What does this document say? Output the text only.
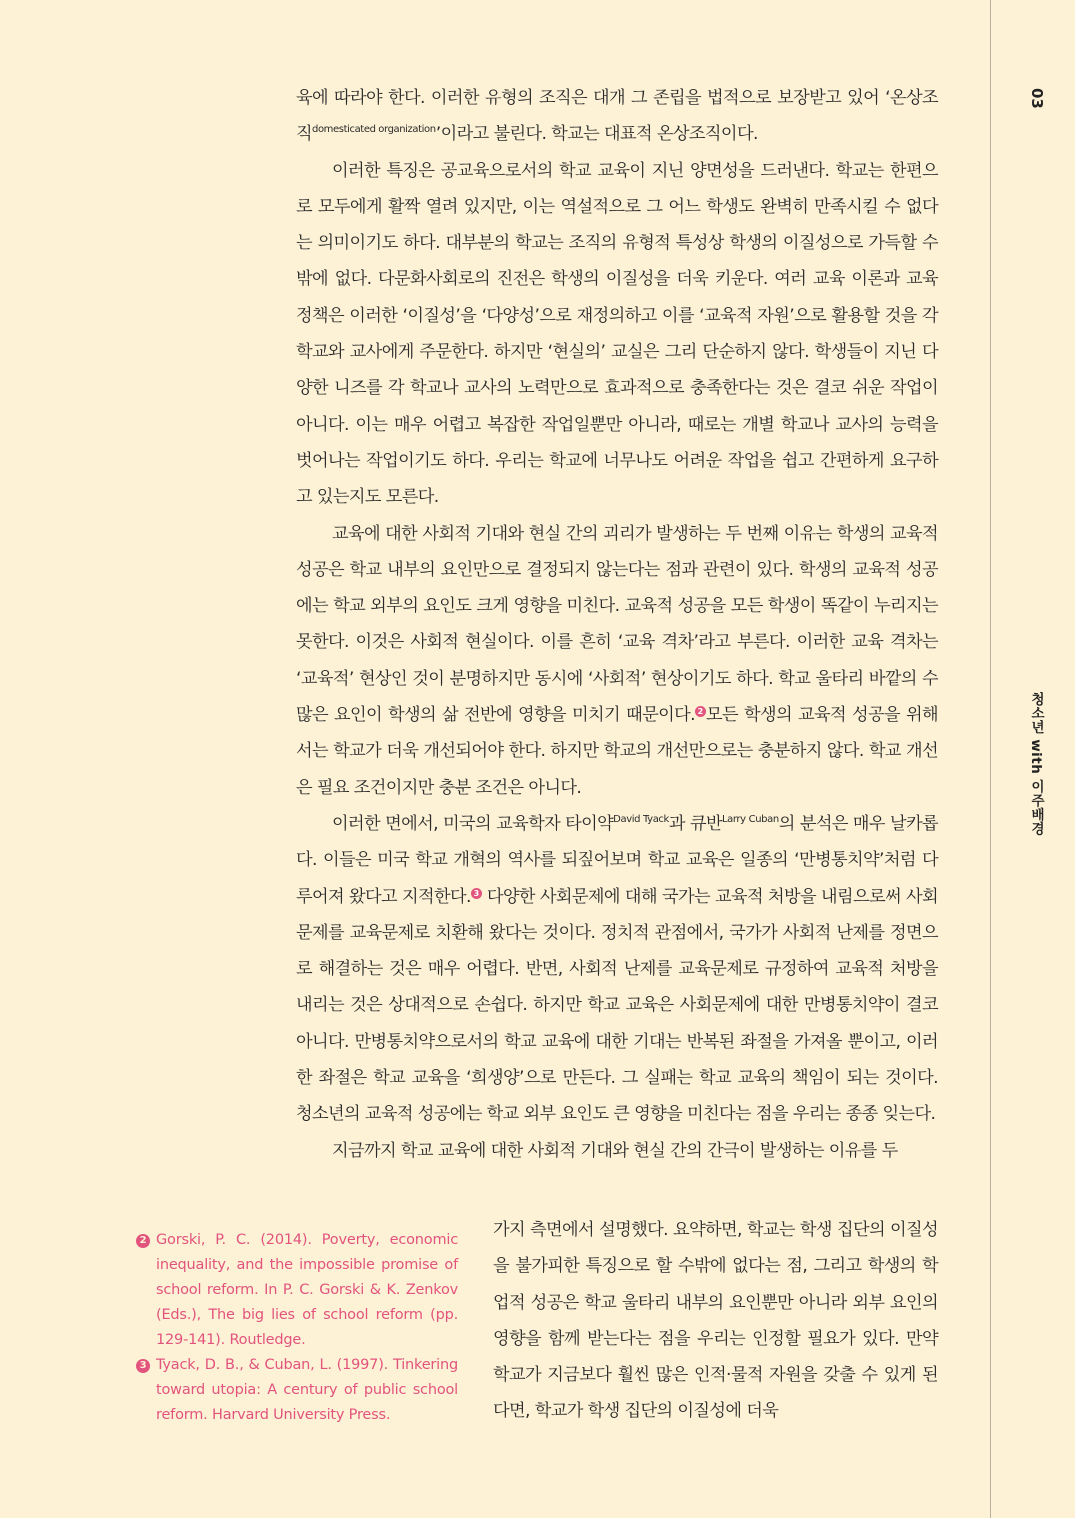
03
청소년 with 이주배경

육에 따라야 한다. 이러한 유형의 조직은 대개 그 존립을 법적으로 보장받고 있어 ‘온상조직$^{domesticated organization}$’이라고 불린다. 학교는 대표적 온상조직이다.

이러한 특징은 공교육으로서의 학교 교육이 지닌 양면성을 드러낸다. 학교는 한편으로 모두에게 활짝 열려 있지만, 이는 역설적으로 그 어느 학생도 완벽히 만족시킬 수 없다는 의미이기도 하다. 대부분의 학교는 조직의 유형적 특성상 학생의 이질성으로 가득할 수밖에 없다. 다문화사회로의 진전은 학생의 이질성을 더욱 키운다. 여러 교육 이론과 교육 정책은 이러한 ‘이질성’을 ‘다양성’으로 재정의하고 이를 ‘교육적 자원’으로 활용할 것을 각 학교와 교사에게 주문한다. 하지만 ‘현실의’ 교실은 그리 단순하지 않다. 학생들이 지닌 다양한 니즈를 각 학교나 교사의 노력만으로 효과적으로 충족한다는 것은 결코 쉬운 작업이 아니다. 이는 매우 어렵고 복잡한 작업일뿐만 아니라, 때로는 개별 학교나 교사의 능력을 벗어나는 작업이기도 하다. 우리는 학교에 너무나도 어려운 작업을 쉽고 간편하게 요구하고 있는지도 모른다.

교육에 대한 사회적 기대와 현실 간의 괴리가 발생하는 두 번째 이유는 학생의 교육적 성공은 학교 내부의 요인만으로 결정되지 않는다는 점과 관련이 있다. 학생의 교육적 성공에는 학교 외부의 요인도 크게 영향을 미친다. 교육적 성공을 모든 학생이 똑같이 누리지는 못한다. 이것은 사회적 현실이다. 이를 흔히 ‘교육 격차’라고 부른다. 이러한 교육 격차는 ‘교육적’ 현상인 것이 분명하지만 동시에 ‘사회적’ 현상이기도 하다. 학교 울타리 바깥의 수많은 요인이 학생의 삶 전반에 영향을 미치기 때문이다. 2 모든 학생의 교육적 성공을 위해서는 학교가 더욱 개선되어야 한다. 하지만 학교의 개선만으로는 충분하지 않다. 학교 개선은 필요 조건이지만 충분 조건은 아니다.

이러한 면에서, 미국의 교육학자 타이약$^{David Tyack}$과 큐반$^{Larry Cuban}$의 분석은 매우 날카롭다. 이들은 미국 학교 개혁의 역사를 되짚어보며 학교 교육은 일종의 ‘만병통치약’처럼 다루어져 왔다고 지적한다. 3 다양한 사회문제에 대해 국가는 교육적 처방을 내림으로써 사회문제를 교육문제로 치환해 왔다는 것이다. 정치적 관점에서, 국가가 사회적 난제를 정면으로 해결하는 것은 매우 어렵다. 반면, 사회적 난제를 교육문제로 규정하여 교육적 처방을 내리는 것은 상대적으로 손쉽다. 하지만 학교 교육은 사회문제에 대한 만병통치약이 결코 아니다. 만병통치약으로서의 학교 교육에 대한 기대는 반복된 좌절을 가져올 뿐이고, 이러한 좌절은 학교 교육을 ‘희생양’으로 만든다. 그 실패는 학교 교육의 책임이 되는 것이다. 청소년의 교육적 성공에는 학교 외부 요인도 큰 영향을 미친다는 점을 우리는 종종 잊는다.

지금까지 학교 교육에 대한 사회적 기대와 현실 간의 간극이 발생하는 이유를 두

가지 측면에서 설명했다. 요약하면, 학교는 학생 집단의 이질성을 불가피한 특징으로 할 수밖에 없다는 점, 그리고 학생의 학업적 성공은 학교 울타리 내부의 요인뿐만 아니라 외부 요인의 영향을 함께 받는다는 점을 우리는 인정할 필요가 있다. 만약 학교가 지금보다 훨씬 많은 인적·물적 자원을 갖출 수 있게 된다면, 학교가 학생 집단의 이질성에 더욱

2 Gorski, P. C. (2014). Poverty, economic inequality, and the impossible promise of school reform. In P. C. Gorski & K. Zenkov (Eds.), The big lies of school reform (pp. 129-141). Routledge.
3 Tyack, D. B., & Cuban, L. (1997). Tinkering toward utopia: A century of public school reform. Harvard University Press.
